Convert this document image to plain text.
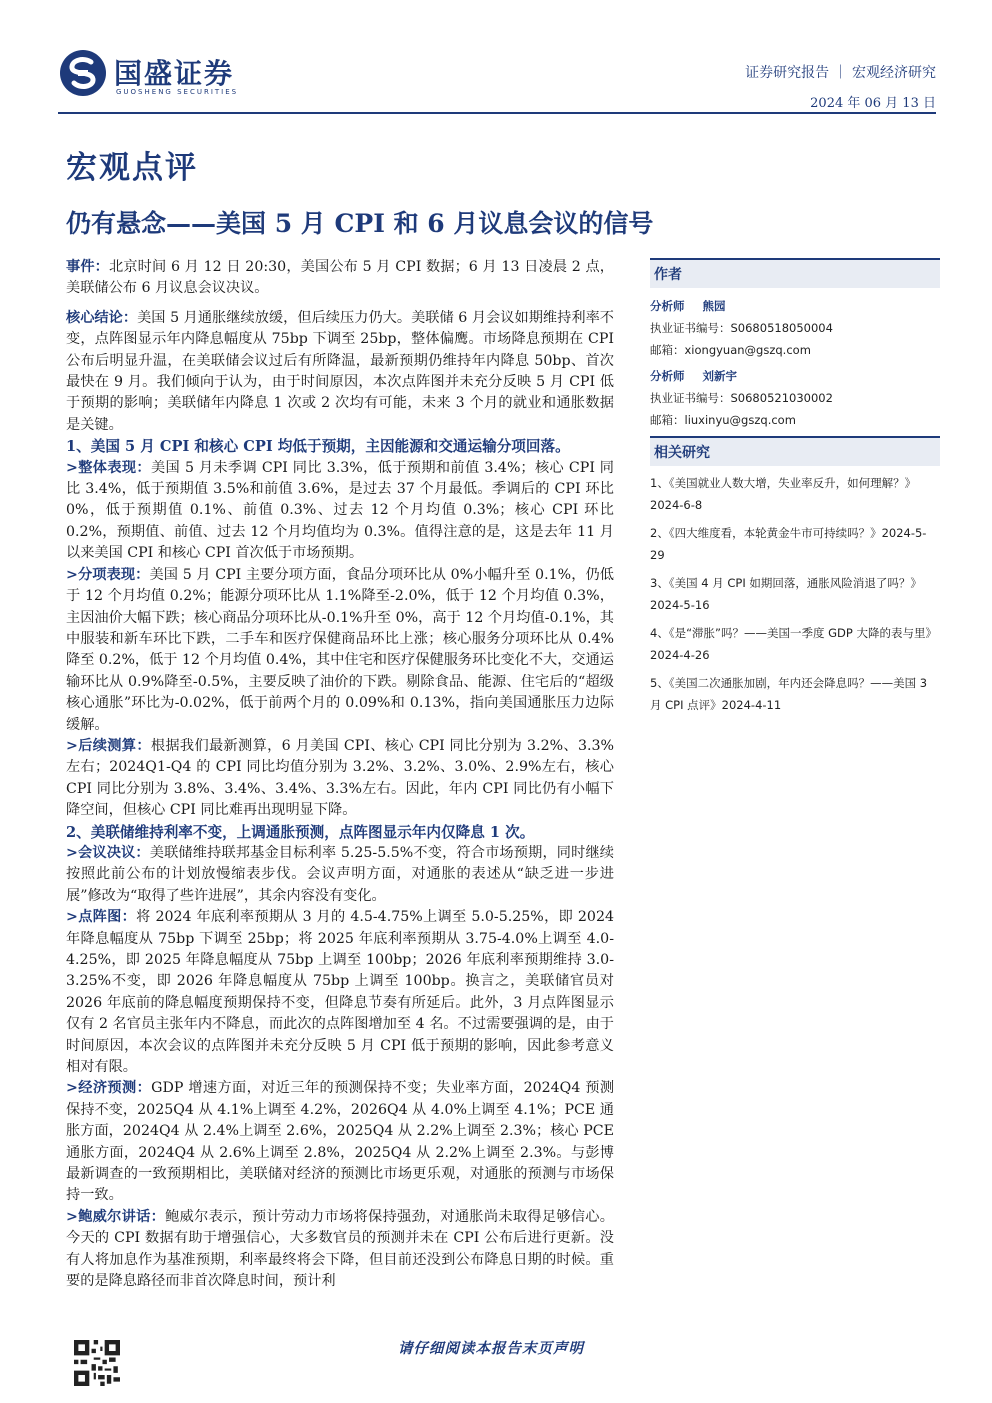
国盛证券
GUOSHENG SECURITIES
证券研究报告 ｜ 宏观经济研究
2024 年 06 月 13 日
宏观点评
仍有悬念——美国 5 月 CPI 和 6 月议息会议的信号

事件：北京时间 6 月 12 日 20:30，美国公布 5 月 CPI 数据；6 月 13 日凌晨 2 点，美联储公布 6 月议息会议决议。

核心结论：美国 5 月通胀继续放缓，但后续压力仍大。美联储 6 月会议如期维持利率不变，点阵图显示年内降息幅度从 75bp 下调至 25bp，整体偏鹰。市场降息预期在 CPI 公布后明显升温，在美联储会议过后有所降温，最新预期仍维持年内降息 50bp、首次最快在 9 月。我们倾向于认为，由于时间原因，本次点阵图并未充分反映 5 月 CPI 低于预期的影响；美联储年内降息 1 次或 2 次均有可能，未来 3 个月的就业和通胀数据是关键。

1、美国 5 月 CPI 和核心 CPI 均低于预期，主因能源和交通运输分项回落。

>整体表现：美国 5 月未季调 CPI 同比 3.3%，低于预期和前值 3.4%；核心 CPI 同比 3.4%，低于预期值 3.5%和前值 3.6%，是过去 37 个月最低。季调后的 CPI 环比 0%，低于预期值 0.1%、前值 0.3%、过去 12 个月均值 0.3%；核心 CPI 环比 0.2%，预期值、前值、过去 12 个月均值均为 0.3%。值得注意的是，这是去年 11 月以来美国 CPI 和核心 CPI 首次低于市场预期。

>分项表现：美国 5 月 CPI 主要分项方面，食品分项环比从 0%小幅升至 0.1%，仍低于 12 个月均值 0.2%；能源分项环比从 1.1%降至-2.0%，低于 12 个月均值 0.3%，主因油价大幅下跌；核心商品分项环比从-0.1%升至 0%，高于 12 个月均值-0.1%，其中服装和新车环比下跌，二手车和医疗保健商品环比上涨；核心服务分项环比从 0.4%降至 0.2%，低于 12 个月均值 0.4%，其中住宅和医疗保健服务环比变化不大，交通运输环比从 0.9%降至-0.5%，主要反映了油价的下跌。剔除食品、能源、住宅后的“超级核心通胀”环比为-0.02%，低于前两个月的 0.09%和 0.13%，指向美国通胀压力边际缓解。

>后续测算：根据我们最新测算，6 月美国 CPI、核心 CPI 同比分别为 3.2%、3.3%左右；2024Q1-Q4 的 CPI 同比均值分别为 3.2%、3.2%、3.0%、2.9%左右，核心 CPI 同比分别为 3.8%、3.4%、3.4%、3.3%左右。因此，年内 CPI 同比仍有小幅下降空间，但核心 CPI 同比难再出现明显下降。

2、美联储维持利率不变，上调通胀预测，点阵图显示年内仅降息 1 次。

>会议决议：美联储维持联邦基金目标利率 5.25-5.5%不变，符合市场预期，同时继续按照此前公布的计划放慢缩表步伐。会议声明方面，对通胀的表述从“缺乏进一步进展”修改为“取得了些许进展”，其余内容没有变化。

>点阵图：将 2024 年底利率预期从 3 月的 4.5-4.75%上调至 5.0-5.25%，即 2024 年降息幅度从 75bp 下调至 25bp；将 2025 年底利率预期从 3.75-4.0%上调至 4.0-4.25%，即 2025 年降息幅度从 75bp 上调至 100bp；2026 年底利率预期维持 3.0-3.25%不变，即 2026 年降息幅度从 75bp 上调至 100bp。换言之，美联储官员对 2026 年底前的降息幅度预期保持不变，但降息节奏有所延后。此外，3 月点阵图显示仅有 2 名官员主张年内不降息，而此次的点阵图增加至 4 名。不过需要强调的是，由于时间原因，本次会议的点阵图并未充分反映 5 月 CPI 低于预期的影响，因此参考意义相对有限。

>经济预测：GDP 增速方面，对近三年的预测保持不变；失业率方面，2024Q4 预测保持不变，2025Q4 从 4.1%上调至 4.2%，2026Q4 从 4.0%上调至 4.1%；PCE 通胀方面，2024Q4 从 2.4%上调至 2.6%，2025Q4 从 2.2%上调至 2.3%；核心 PCE 通胀方面，2024Q4 从 2.6%上调至 2.8%，2025Q4 从 2.2%上调至 2.3%。与彭博最新调查的一致预期相比，美联储对经济的预测比市场更乐观，对通胀的预测与市场保持一致。

>鲍威尔讲话：鲍威尔表示，预计劳动力市场将保持强劲，对通胀尚未取得足够信心。今天的 CPI 数据有助于增强信心，大多数官员的预测并未在 CPI 公布后进行更新。没有人将加息作为基准预期，利率最终将会下降，但目前还没到公布降息日期的时候。重要的是降息路径而非首次降息时间，预计利

作者
分析师 熊园
执业证书编号：S0680518050004
邮箱：xiongyuan@gszq.com
分析师 刘新宇
执业证书编号：S0680521030002
邮箱：liuxinyu@gszq.com
相关研究
1、《美国就业人数大增，失业率反升，如何理解？》 2024-6-8
2、《四大维度看，本轮黄金牛市可持续吗？》2024-5-29
3、《美国 4 月 CPI 如期回落，通胀风险消退了吗？》 2024-5-16
4、《是“滞胀”吗？——美国一季度 GDP 大降的表与里》2024-4-26
5、《美国二次通胀加剧，年内还会降息吗？——美国 3 月 CPI 点评》2024-4-11
请仔细阅读本报告末页声明
